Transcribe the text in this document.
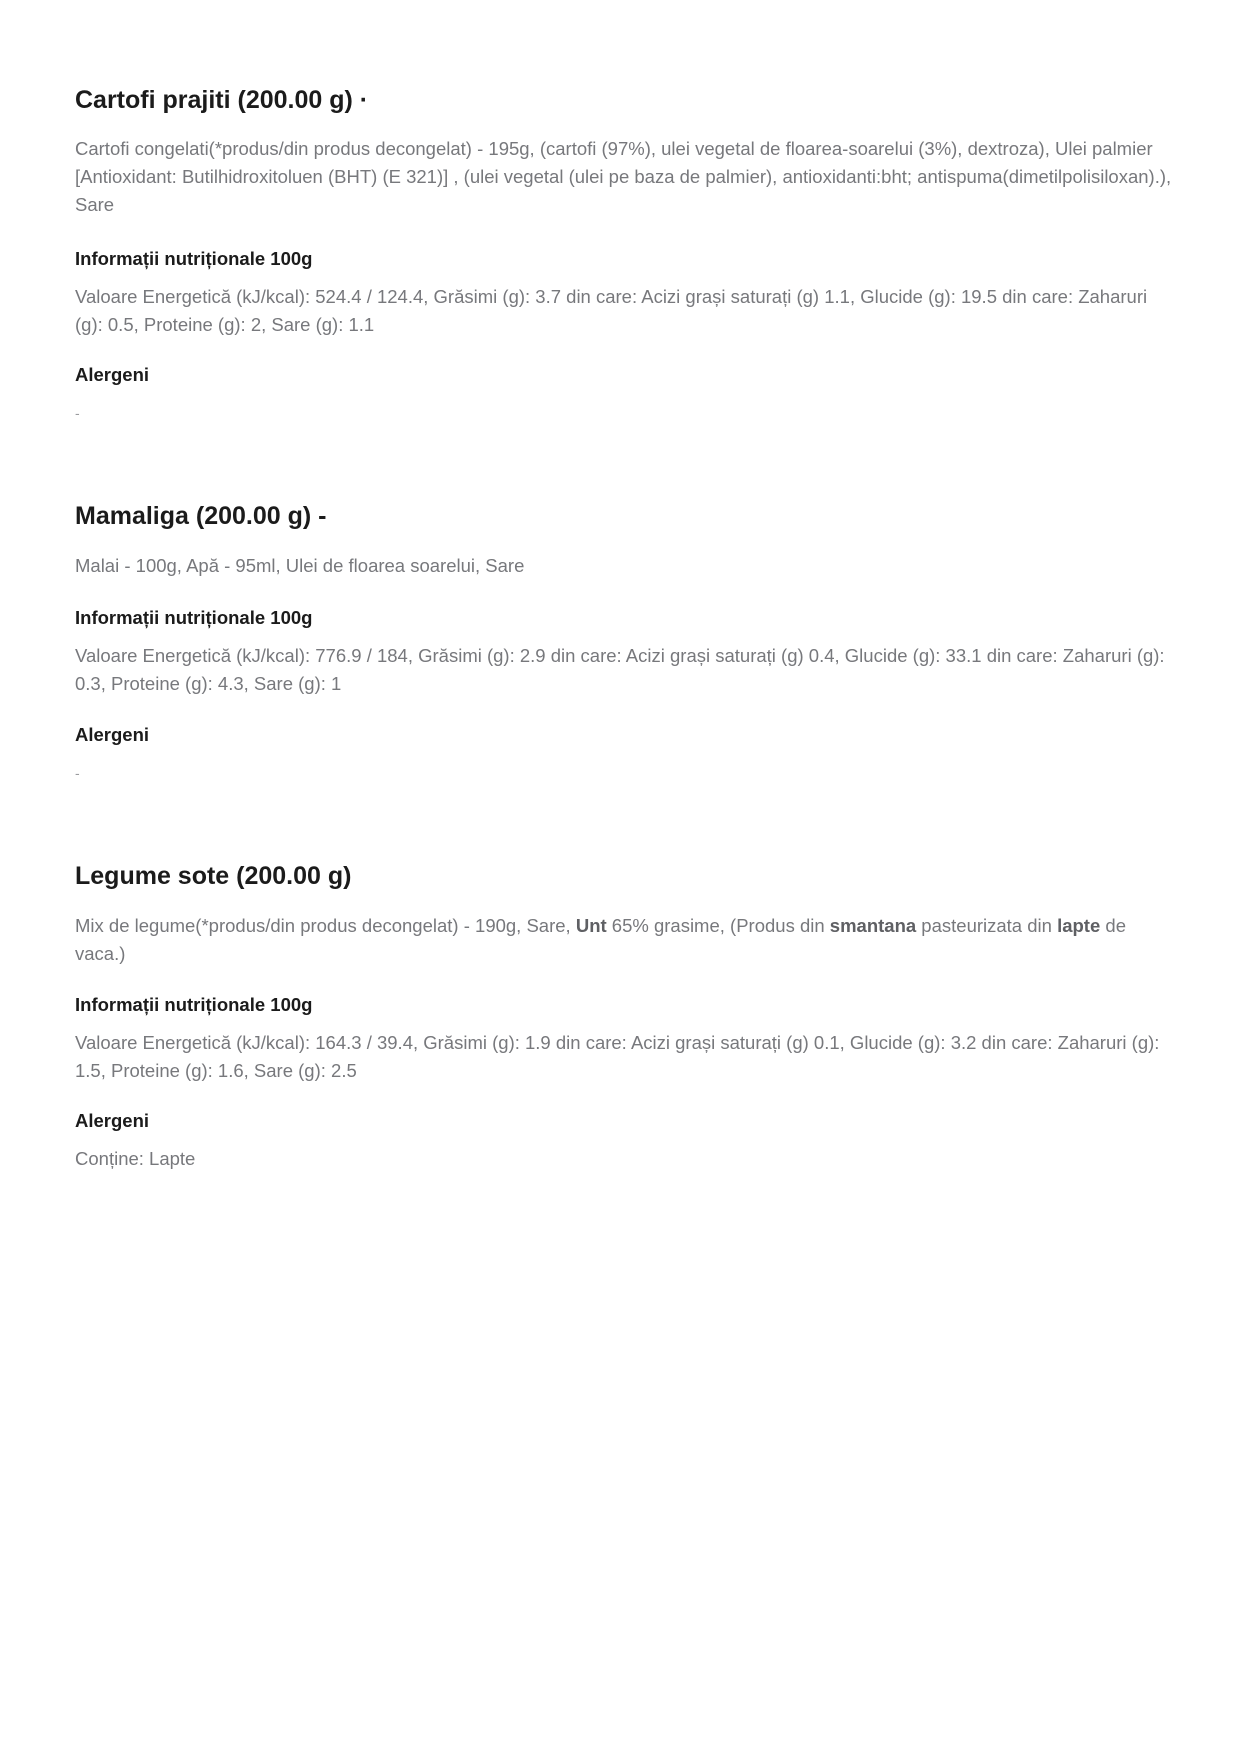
Cartofi prajiti (200.00 g) ·

Cartofi congelati(*produs/din produs decongelat) - 195g, (cartofi (97%), ulei vegetal de floarea-soarelui (3%), dextroza), Ulei palmier [Antioxidant: Butilhidroxitoluen (BHT) (E 321)] , (ulei vegetal (ulei pe baza de palmier), antioxidanti:bht; antispuma(dimetilpolisiloxan).), Sare

Informații nutriționale 100g

Valoare Energetică (kJ/kcal): 524.4 / 124.4, Grăsimi (g): 3.7 din care: Acizi grași saturați (g) 1.1, Glucide (g): 19.5 din care: Zaharuri (g): 0.5, Proteine (g): 2, Sare (g): 1.1

Alergeni

-

Mamaliga (200.00 g) -

Malai - 100g, Apă - 95ml, Ulei de floarea soarelui, Sare

Informații nutriționale 100g

Valoare Energetică (kJ/kcal): 776.9 / 184, Grăsimi (g): 2.9 din care: Acizi grași saturați (g) 0.4, Glucide (g): 33.1 din care: Zaharuri (g): 0.3, Proteine (g): 4.3, Sare (g): 1

Alergeni

-

Legume sote (200.00 g)

Mix de legume(*produs/din produs decongelat) - 190g, Sare, Unt 65% grasime, (Produs din smantana pasteurizata din lapte de vaca.)

Informații nutriționale 100g

Valoare Energetică (kJ/kcal): 164.3 / 39.4, Grăsimi (g): 1.9 din care: Acizi grași saturați (g) 0.1, Glucide (g): 3.2 din care: Zaharuri (g): 1.5, Proteine (g): 1.6, Sare (g): 2.5

Alergeni

Conține: Lapte
